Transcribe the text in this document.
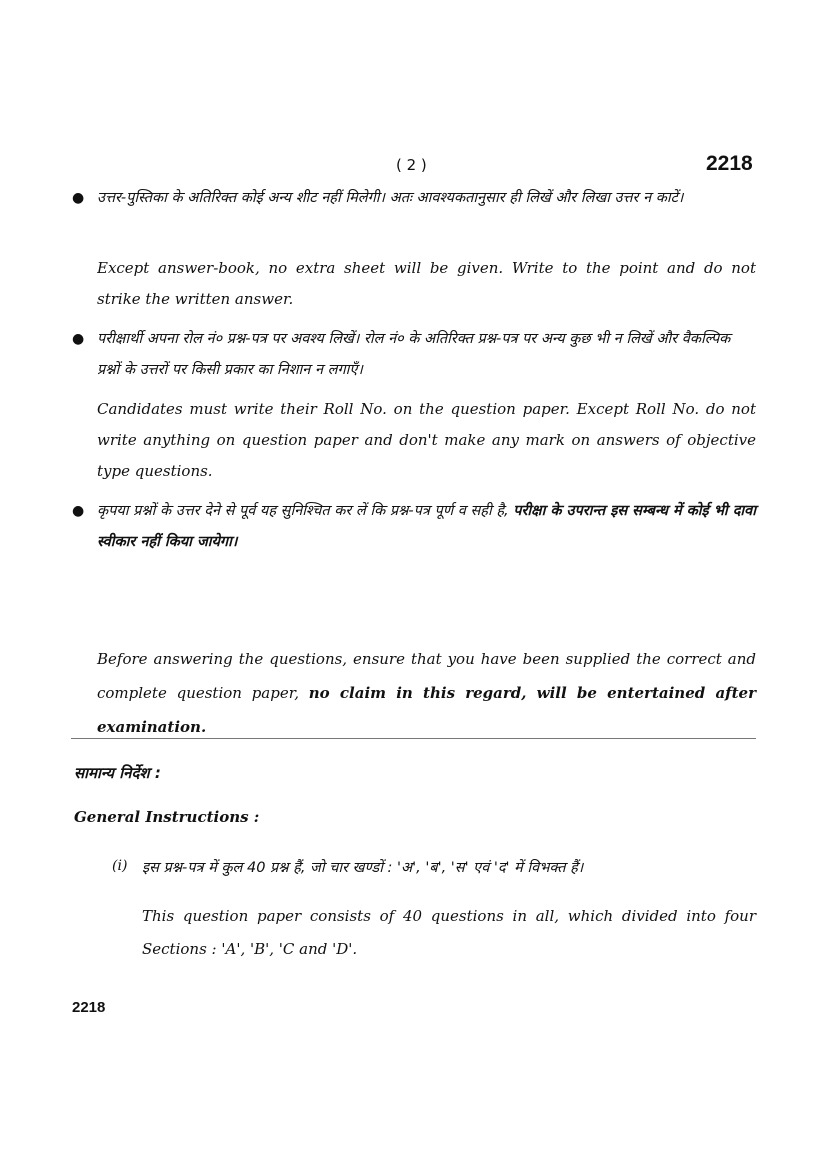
( 2 )	2218
● उत्तर-पुस्तिका के अतिरिक्त कोई अन्य शीट नहीं मिलेगी। अतः आवश्यकतानुसार ही लिखें और लिखा उत्तर न काटें।
Except answer-book, no extra sheet will be given. Write to the point and do not
strike the written answer.
● परीक्षार्थी अपना रोल नं० प्रश्न-पत्र पर अवश्य लिखें। रोल नं० के अतिरिक्त प्रश्न-पत्र पर अन्य कुछ भी न लिखें और वैकल्पिक प्रश्नों के उत्तरों पर किसी प्रकार का निशान न लगाएँ।
Candidates must write their Roll No. on the question paper. Except Roll No. do not write anything on question paper and don't make any mark on answers of objective type questions.
● कृपया प्रश्नों के उत्तर देने से पूर्व यह सुनिश्चित कर लें कि प्रश्न-पत्र पूर्ण व सही है, परीक्षा के उपरान्त इस सम्बन्ध में कोई भी दावा स्वीकार नहीं किया जायेगा।
Before answering the questions, ensure that you have been supplied the correct and complete question paper, no claim in this regard, will be entertained after examination.
सामान्य निर्देश :
General Instructions :
(i) इस प्रश्न-पत्र में कुल 40 प्रश्न हैं, जो चार खण्डों : 'अ', 'ब', 'स' एवं 'द' में विभक्त हैं।
This question paper consists of 40 questions in all, which divided into four Sections : 'A', 'B', 'C and 'D'.
2218
